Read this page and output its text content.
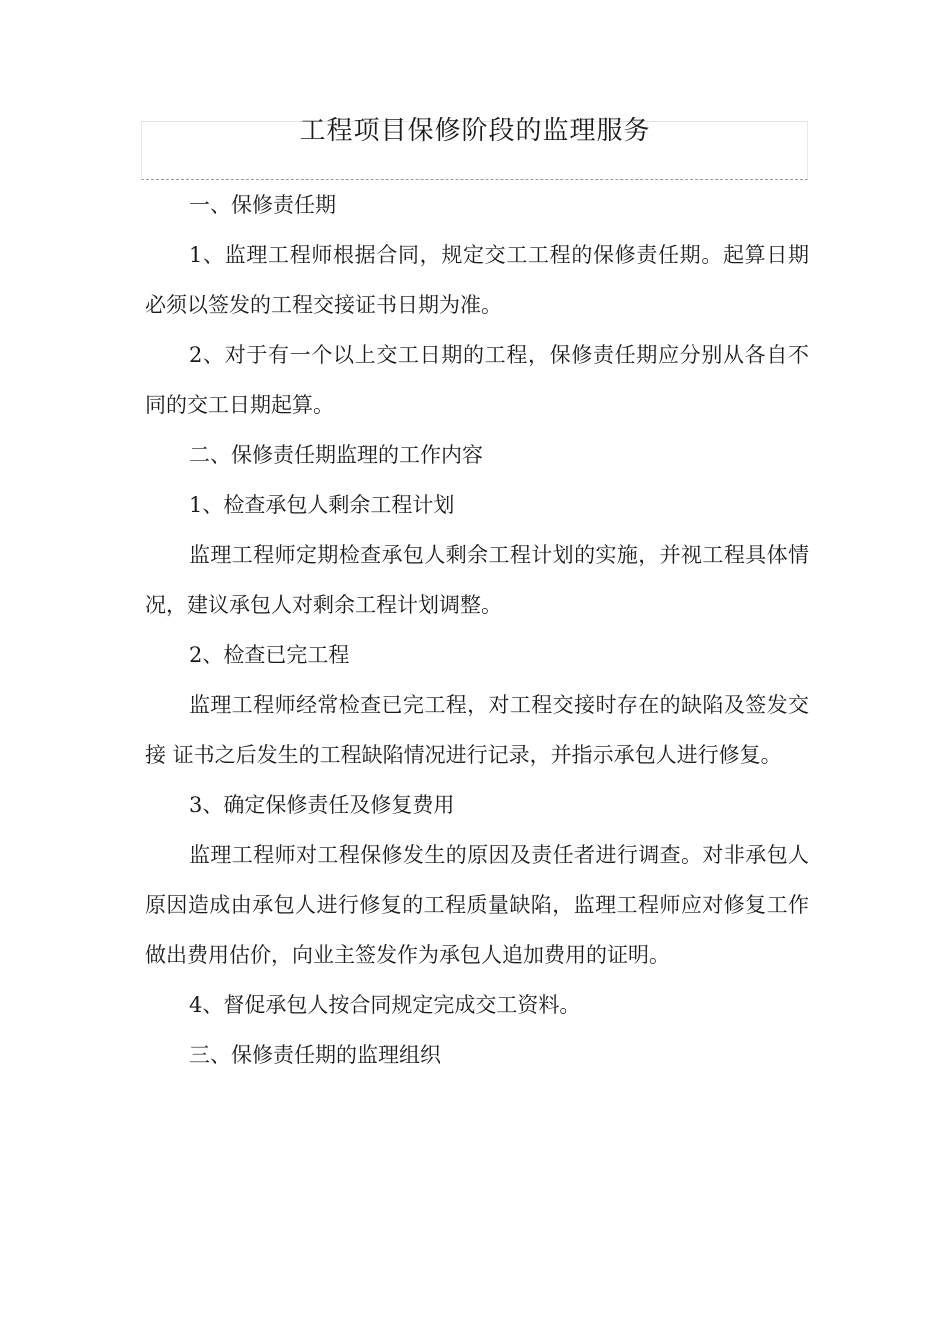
工程项目保修阶段的监理服务

一、保修责任期

1、监理工程师根据合同，规定交工工程的保修责任期。起算日期必须以签发的工程交接证书日期为准。

2、对于有一个以上交工日期的工程，保修责任期应分别从各自不同的交工日期起算。

二、保修责任期监理的工作内容

1、检查承包人剩余工程计划

监理工程师定期检查承包人剩余工程计划的实施，并视工程具体情况，建议承包人对剩余工程计划调整。

2、检查已完工程

监理工程师经常检查已完工程，对工程交接时存在的缺陷及签发交接 证书之后发生的工程缺陷情况进行记录，并指示承包人进行修复。

3、确定保修责任及修复费用

监理工程师对工程保修发生的原因及责任者进行调查。对非承包人原因造成由承包人进行修复的工程质量缺陷，监理工程师应对修复工作做出费用估价，向业主签发作为承包人追加费用的证明。

4、督促承包人按合同规定完成交工资料。

三、保修责任期的监理组织
